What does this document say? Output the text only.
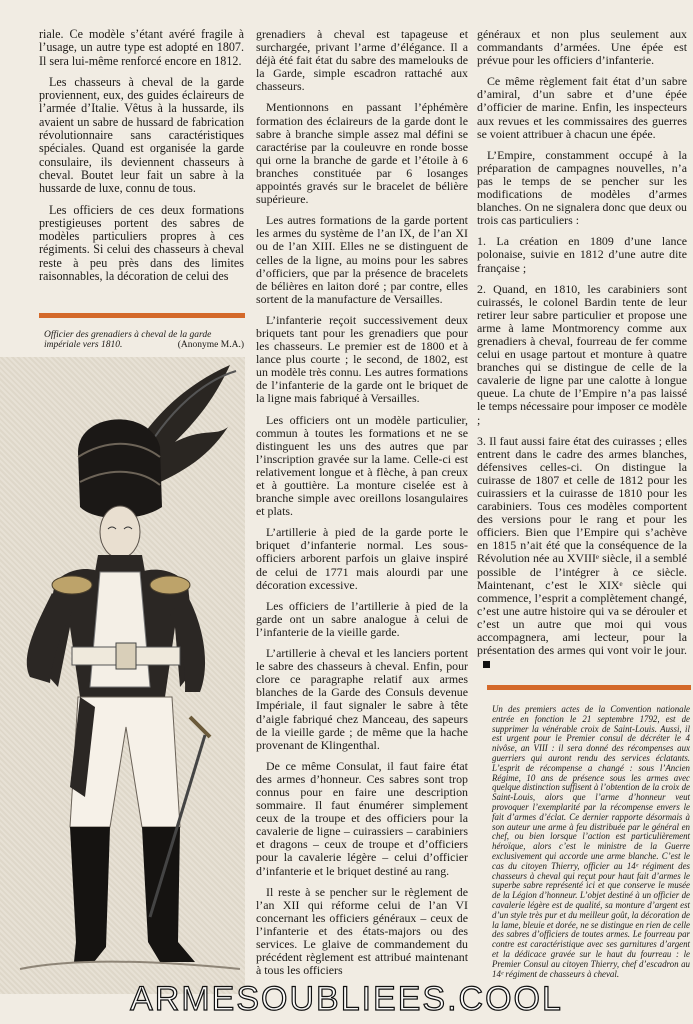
riale. Ce modèle s’étant avéré fragile à l’usage, un autre type est adopté en 1807. Il sera lui-même renforcé encore en 1812.

Les chasseurs à cheval de la garde proviennent, eux, des guides éclaireurs de l’armée d’Italie. Vêtus à la hussarde, ils avaient un sabre de hussard de fabrication révolutionnaire sans caractéristiques spéciales. Quand est organisée la garde consulaire, ils deviennent chasseurs à cheval. Boutet leur fait un sabre à la hussarde de luxe, connu de tous.

Les officiers de ces deux formations prestigieuses portent des sabres de modèles particuliers propres à ces régiments. Si celui des chasseurs à cheval reste à peu près dans des limites raisonnables, la décoration de celui des

Officier des grenadiers à cheval de la garde impériale vers 1810.	(Anonyme M.A.)

grenadiers à cheval est tapageuse et surchargée, privant l’arme d’élégance. Il a déjà été fait état du sabre des mamelouks de la Garde, simple escadron rattaché aux chasseurs.

Mentionnons en passant l’éphémère formation des éclaireurs de la garde dont le sabre à branche simple assez mal défini se caractérise par la couleuvre en ronde bosse qui orne la branche de garde et l’étoile à 6 branches constituée par 6 losanges appointés gravés sur le bracelet de bélière supérieure.

Les autres formations de la garde portent les armes du système de l’an IX, de l’an XI ou de l’an XIII. Elles ne se distinguent de celles de la ligne, au moins pour les sabres d’officiers, que par la présence de bracelets de bélières en laiton doré ; par contre, elles sortent de la manufacture de Versailles.

L’infanterie reçoit successivement deux briquets tant pour les grenadiers que pour les chasseurs. Le premier est de 1800 et à lance plus courte ; le second, de 1802, est un modèle très connu. Les autres formations de l’infanterie de la garde ont le briquet de la ligne mais fabriqué à Versailles.

Les officiers ont un modèle particulier, commun à toutes les formations et ne se distinguent les uns des autres que par l’inscription gravée sur la lame. Celle-ci est relativement longue et à flèche, à pan creux et à gouttière. La monture ciselée est à branche simple avec oreillons losangulaires et plats.

L’artillerie à pied de la garde porte le briquet d’infanterie normal. Les sous-officiers arborent parfois un glaive inspiré de celui de 1771 mais alourdi par une décoration excessive.

Les officiers de l’artillerie à pied de la garde ont un sabre analogue à celui de l’infanterie de la vieille garde.

L’artillerie à cheval et les lanciers portent le sabre des chasseurs à cheval. Enfin, pour clore ce paragraphe relatif aux armes blanches de la Garde des Consuls devenue Impériale, il faut signaler le sabre à tête d’aigle fabriqué chez Manceau, des sapeurs de la vieille garde ; de même que la hache provenant de Klingenthal.

De ce même Consulat, il faut faire état des armes d’honneur. Ces sabres sont trop connus pour en faire une description sommaire. Il faut énumérer simplement ceux de la troupe et des officiers pour la cavalerie de ligne – cuirassiers – carabiniers et dragons – ceux de troupe et d’officiers pour la cavalerie légère – celui d’officier d’infanterie et le briquet destiné au rang.

Il reste à se pencher sur le règlement de l’an XII qui réforme celui de l’an VI concernant les officiers généraux – ceux de l’infanterie et des états-majors ou des services. Le glaive de commandement du précédent règlement est attribué maintenant à tous les officiers

généraux et non plus seulement aux commandants d’armées. Une épée est prévue pour les officiers d’infanterie.

Ce même règlement fait état d’un sabre d’amiral, d’un sabre et d’une épée d’officier de marine. Enfin, les inspecteurs aux revues et les commissaires des guerres se voient attribuer à chacun une épée.

L’Empire, constamment occupé à la préparation de campagnes nouvelles, n’a pas le temps de se pencher sur les modifications de modèles d’armes blanches. On ne signalera donc que deux ou trois cas particuliers :

1. La création en 1809 d’une lance polonaise, suivie en 1812 d’une autre dite française ;

2. Quand, en 1810, les carabiniers sont cuirassés, le colonel Bardin tente de leur retirer leur sabre particulier et propose une arme à lame Montmorency comme aux grenadiers à cheval, fourreau de fer comme celui en usage partout et monture à quatre branches qui se distingue de celle de la cavalerie de ligne par une calotte à longue queue. La chute de l’Empire n’a pas laissé le temps nécessaire pour imposer ce modèle ;

3. Il faut aussi faire état des cuirasses ; elles entrent dans le cadre des armes blanches, défensives celles-ci. On distingue la cuirasse de 1807 et celle de 1812 pour les cuirassiers et la cuirasse de 1810 pour les carabiniers. Tous ces modèles comportent des versions pour le rang et pour les officiers. Bien que l’Empire qui s’achève en 1815 n’ait été que la conséquence de la Révolution née au XVIIIᵉ siècle, il a semblé possible de l’intégrer à ce siècle. Maintenant, c’est le XIXᵉ siècle qui commence, l’esprit a complètement changé, c’est une autre histoire qui va se dérouler et c’est un autre que moi qui vous accompagnera, ami lecteur, pour la présentation des armes qui vont voir le jour.

Un des premiers actes de la Convention nationale entrée en fonction le 21 septembre 1792, est de supprimer la vénérable croix de Saint-Louis. Aussi, il est urgent pour le Premier consul de décréter le 4 nivôse, an VIII : il sera donné des récompenses aux guerriers qui auront rendu des services éclatants. L’esprit de récompense a changé : sous l’Ancien Régime, 10 ans de présence sous les armes avec quelque distinction suffisent à l’obtention de la croix de Saint-Louis, alors que l’arme d’honneur veut provoquer l’exemplarité par la récompense envers le fait d’armes d’éclat. Ce dernier rapporte désormais à son auteur une arme à feu distribuée par le général en chef, ou bien lorsque l’action est particulièrement héroïque, alors c’est le ministre de la Guerre exclusivement qui accorde une arme blanche. C’est le cas du citoyen Thierry, officier au 14ᵉ régiment des chasseurs à cheval qui reçut pour haut fait d’armes le superbe sabre représenté ici et que conserve le musée de la Légion d’honneur. L’objet destiné à un officier de cavalerie légère est de qualité, sa monture d’argent est d’un style très pur et du meilleur goût, la décoration de la lame, bleuie et dorée, ne se distingue en rien de celle des sabres d’officiers de toutes armes. Le fourreau par contre est caractéristique avec ses garnitures d’argent et la dédicace gravée sur le haut du fourreau : le Premier Consul au citoyen Thierry, chef d’escadron au 14ᵉ régiment de chasseurs à cheval.
ARMESOUBLIEES.COOL
